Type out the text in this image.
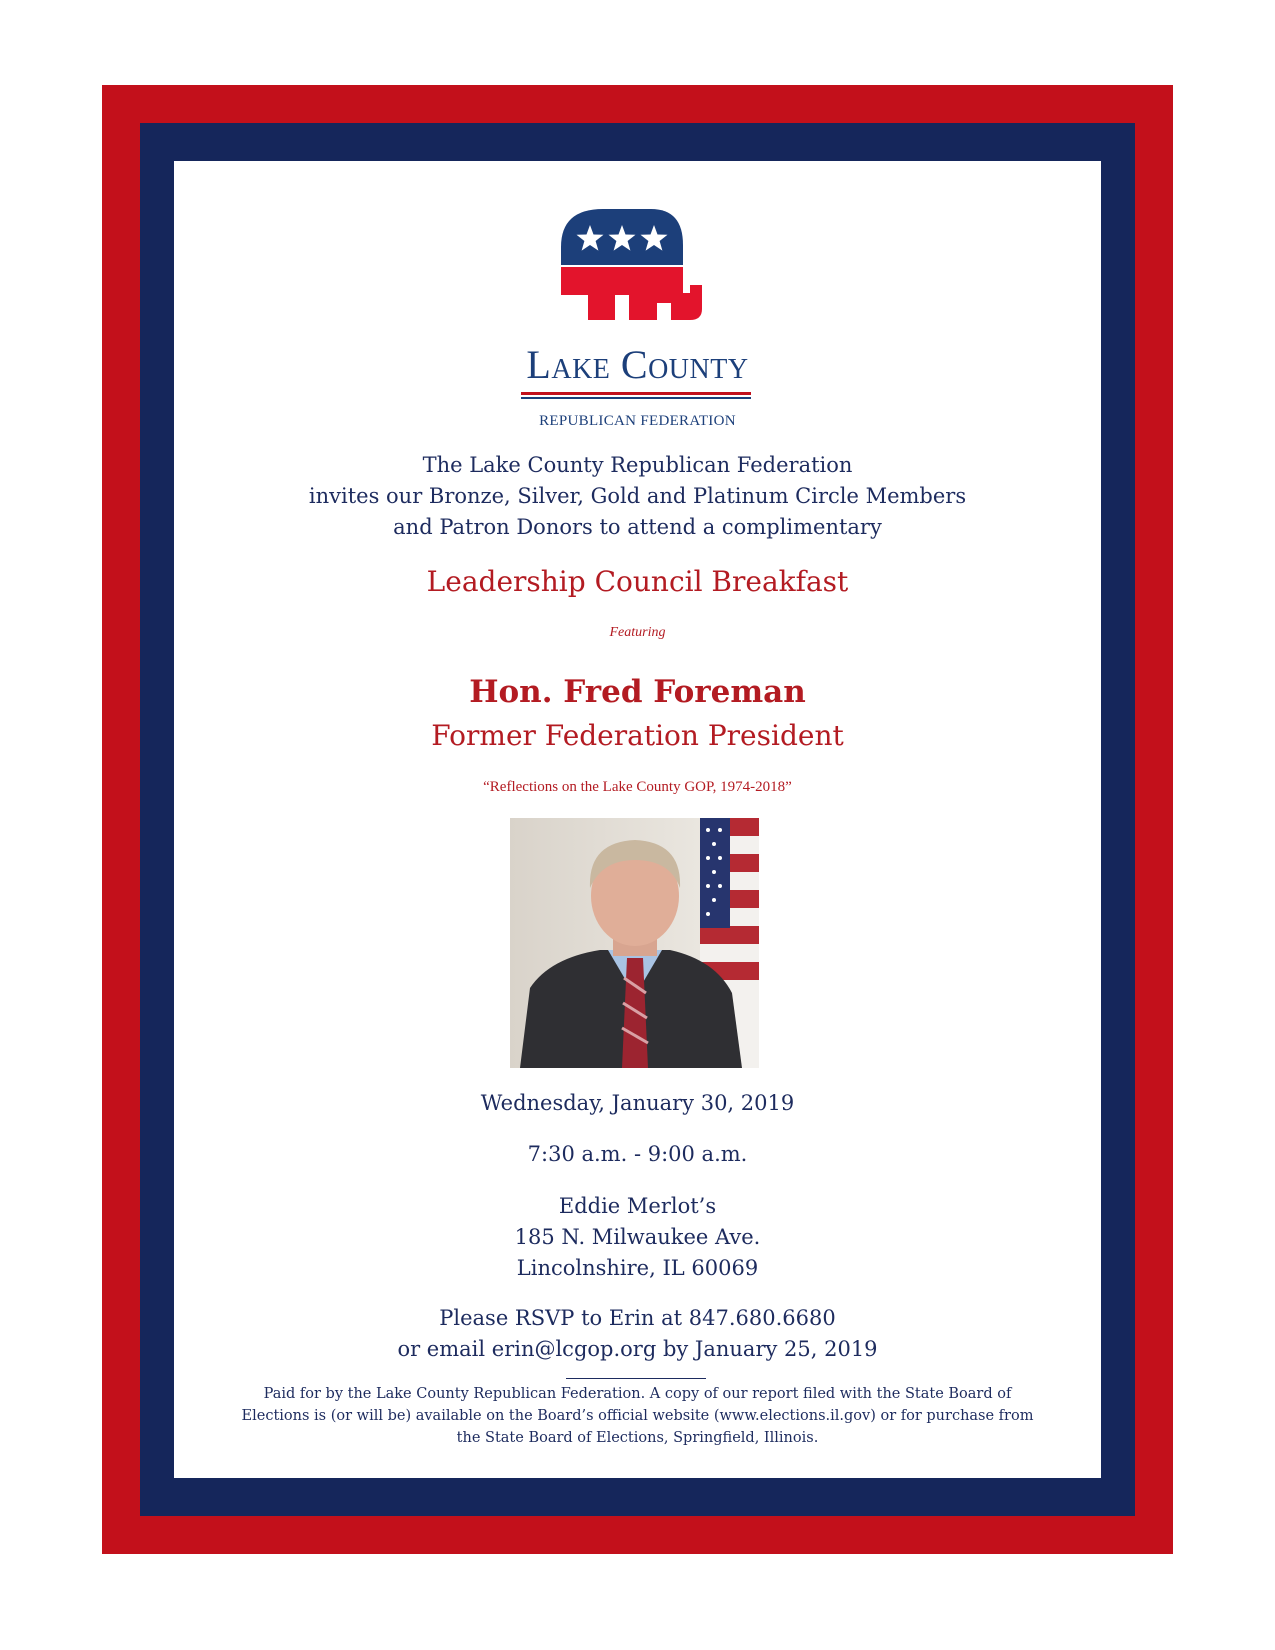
Lake County
REPUBLICAN FEDERATION
The Lake County Republican Federation
invites our Bronze, Silver, Gold and Platinum Circle Members
and Patron Donors to attend a complimentary
Leadership Council Breakfast
Featuring
Hon. Fred Foreman
Former Federation President
“Reflections on the Lake County GOP, 1974-2018”
Wednesday, January 30, 2019
7:30 a.m. - 9:00 a.m.
Eddie Merlot’s
185 N. Milwaukee Ave.
Lincolnshire, IL 60069
Please RSVP to Erin at 847.680.6680
or email erin@lcgop.org by January 25, 2019
Paid for by the Lake County Republican Federation. A copy of our report filed with the State Board of
Elections is (or will be) available on the Board’s official website (www.elections.il.gov) or for purchase from
the State Board of Elections, Springfield, Illinois.
